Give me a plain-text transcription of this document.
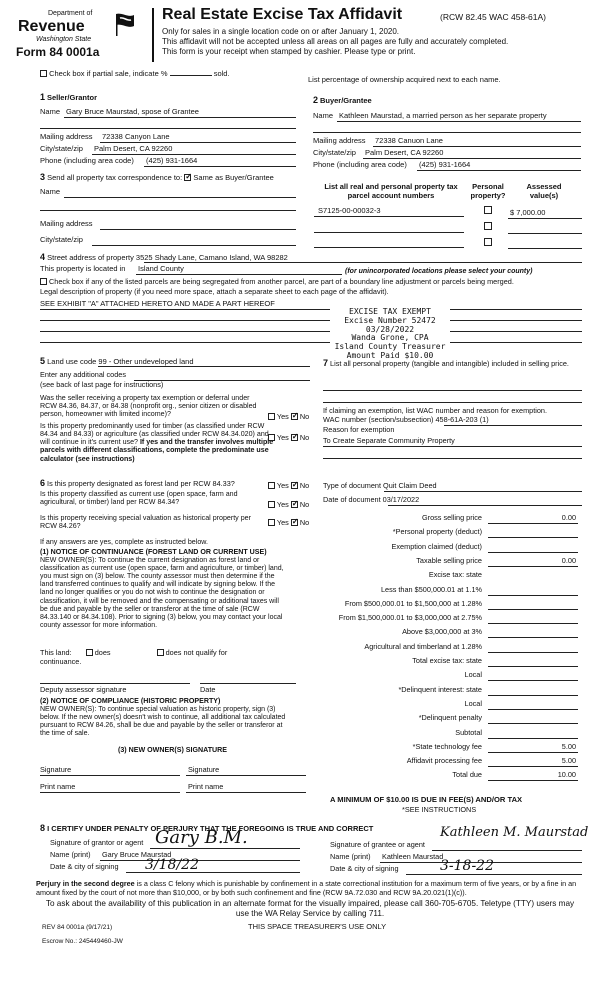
Department of
Revenue
Washington State
Form 84 0001a
Real Estate Excise Tax Affidavit	(RCW 82.45 WAC 458-61A)
Only for sales in a single location code on or after January 1, 2020.
This affidavit will not be accepted unless all areas on all pages are fully and accurately completed.
This form is your receipt when stamped by cashier. Please type or print.
Check box if partial sale, indicate %	sold.
List percentage of ownership acquired next to each name.
1 Seller/Grantor
Name Gary Bruce Maurstad, spose of Grantee
Mailing address 72338 Canyon Lane
City/state/zip Palm Desert, CA 92260
Phone (including area code) (425) 931-1664
2 Buyer/Grantee
Name Kathleen Maurstad, a married person as her separate property
Mailing address 72338 Canuon Lane
City/state/zip Palm Desert, CA 92260
Phone (including area code) (425) 931-1664
3 Send all property tax correspondence to: ✓ Same as Buyer/Grantee
Name
Mailing address
City/state/zip
List all real and personal property tax parcel account numbers
Personal property?
Assessed value(s)
S7125-00-00032-3	$ 7,000.00
4 Street address of property 3525 Shady Lane, Camano Island, WA 98282
This property is located in Island County	(for unincorporated locations please select your county)
Check box if any of the listed parcels are being segregated from another parcel, are part of a boundary line adjustment or parcels being merged.
Legal description of property (if you need more space, attach a separate sheet to each page of the affidavit).
SEE EXHIBIT "A" ATTACHED HERETO AND MADE A PART HEREOF
EXCISE TAX EXEMPT
Excise Number 52472
03/28/2022
Wanda Grone, CPA
Island County Treasurer
Amount Paid $10.00
5 Land use code 99 - Other undeveloped land
Enter any additional codes
(see back of last page for instructions)
Was the seller receiving a property tax exemption or deferral under RCW 84.36, 84.37, or 84.38 (nonprofit org., senior citizen or disabled person, homeowner with limited income)?	Yes ✓ No
Is this property predominantly used for timber (as classified under RCW 84.34 and 84.33) or agriculture (as classified under RCW 84.34.020) and will continue in it's current use? If yes and the transfer involves multiple parcels with different classifications, complete the predominate use calculator (see instructions)
Yes ✓ No
7 List all personal property (tangible and intangible) included in selling price.
If claiming an exemption, list WAC number and reason for exemption.
WAC number (section/subsection) 458-61A-203 (1)
Reason for exemption
To Create Separate Community Property
6 Is this property designated as forest land per RCW 84.33?	Yes ✓ No
Is this property classified as current use (open space, farm and agricultural, or timber) land per RCW 84.34?	Yes ✓ No
Is this property receiving special valuation as historical property per RCW 84.26?	Yes ✓ No
If any answers are yes, complete as instructed below.
(1) NOTICE OF CONTINUANCE (FOREST LAND OR CURRENT USE)
NEW OWNER(S): To continue the current designation as forest land or classification as current use (open space, farm and agriculture, or timber) land, you must sign on (3) below. The county assessor must then determine if the land transferred continues to qualify and will indicate by signing below. If the land no longer qualifies or you do not wish to continue the designation or classification, it will be removed and the compensating or additional taxes will be due and payable by the seller or transferor at the time of sale (RCW 84.33.140 or 84.34.108). Prior to signing (3) below, you may contact your local county assessor for more information.
This land:	does	does not qualify for
continuance.
Deputy assessor signature	Date
(2) NOTICE OF COMPLIANCE (HISTORIC PROPERTY)
NEW OWNER(S): To continue special valuation as historic property, sign (3) below. If the new owner(s) doesn't wish to continue, all additional tax calculated pursuant to RCW 84.26, shall be due and payable by the seller or transferor at the time of sale.
(3) NEW OWNER(S) SIGNATURE
Signature	Signature
Print name	Print name
Type of document Quit Claim Deed
Date of document 03/17/2022
Gross selling price	0.00
*Personal property (deduct)
Exemption claimed (deduct)
Taxable selling price	0.00
Excise tax: state
Less than $500,000.01 at 1.1%
From $500,000.01 to $1,500,000 at 1.28%
From $1,500,000.01 to $3,000,000 at 2.75%
Above $3,000,000 at 3%
Agricultural and timberland at 1.28%
Total excise tax: state
Local
*Delinquent interest: state
Local
*Delinquent penalty
Subtotal
*State technology fee	5.00
Affidavit processing fee	5.00
Total due	10.00
A MINIMUM OF $10.00 IS DUE IN FEE(S) AND/OR TAX
*SEE INSTRUCTIONS
8 I CERTIFY UNDER PENALTY OF PERJURY THAT THE FOREGOING IS TRUE AND CORRECT
Signature of grantor or agent Gary B.M.
Name (print) Gary Bruce Maurstad
Date & city of signing 3/18/22
Signature of grantee or agent
Kathleen M. Maurstad
Name (print) Kathleen Maurstad
Date & city of signing	3-18-22
Perjury in the second degree is a class C felony which is punishable by confinement in a state correctional institution for a maximum term of five years, or by a fine in an amount fixed by the court of not more than $10,000, or by both such confinement and fine (RCW 9A.72.030 and RCW 9A.20.021(1)(c)).
To ask about the availability of this publication in an alternate format for the visually impaired, please call 360-705-6705. Teletype (TTY) users may use the WA Relay Service by calling 711.
REV 84 0001a (9/17/21)	THIS SPACE TREASURER'S USE ONLY
Escrow No.: 245449460-JW
